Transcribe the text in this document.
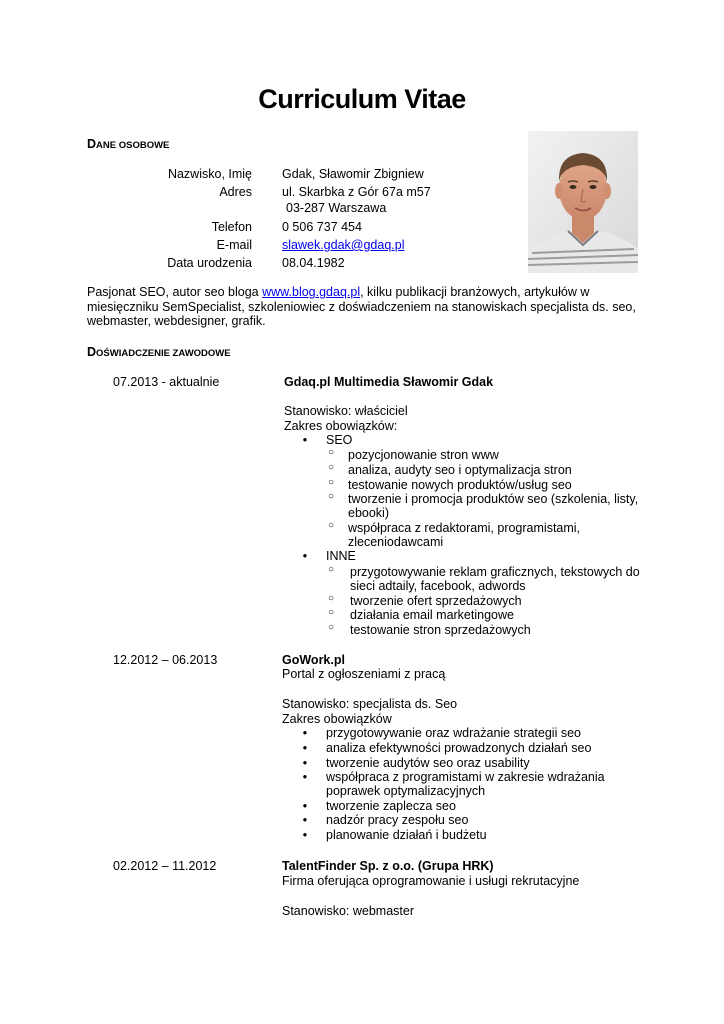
Curriculum Vitae
DANE OSOBOWE
Nazwisko, Imię Gdak, Sławomir Zbigniew
Adres ul. Skarbka z Gór 67a m57
03-287 Warszawa
Telefon 0 506 737 454
E-mail slawek.gdak@gdaq.pl
Data urodzenia 08.04.1982
Pasjonat SEO, autor seo bloga www.blog.gdaq.pl, kilku publikacji branżowych, artykułów w
miesięczniku SemSpecialist, szkoleniowiec z doświadczeniem na stanowiskach specjalista ds. seo,
webmaster, webdesigner, grafik.
DOŚWIADCZENIE ZAWODOWE
07.2013 - aktualnie	Gdaq.pl Multimedia Sławomir Gdak
Stanowisko: właściciel
Zakres obowiązków:
•	SEO
○	pozycjonowanie stron www
○	analiza, audyty seo i optymalizacja stron
○	testowanie nowych produktów/usług seo
○	tworzenie i promocja produktów seo (szkolenia, listy,
ebooki)
○	współpraca z redaktorami, programistami,
zleceniodawcami
•	INNE
○	przygotowywanie reklam graficznych, tekstowych do
sieci adtaily, facebook, adwords
○	tworzenie ofert sprzedażowych
○	działania email marketingowe
○	testowanie stron sprzedażowych
12.2012 – 06.2013	GoWork.pl
Portal z ogłoszeniami z pracą
Stanowisko: specjalista ds. Seo
Zakres obowiązków
•	przygotowywanie oraz wdrażanie strategii seo
•	analiza efektywności prowadzonych działań seo
•	tworzenie audytów seo oraz usability
•	współpraca z programistami w zakresie wdrażania
poprawek optymalizacyjnych
•	tworzenie zaplecza seo
•	nadzór pracy zespołu seo
•	planowanie działań i budżetu
02.2012 – 11.2012	TalentFinder Sp. z o.o. (Grupa HRK)
Firma oferująca oprogramowanie i usługi rekrutacyjne
Stanowisko: webmaster
